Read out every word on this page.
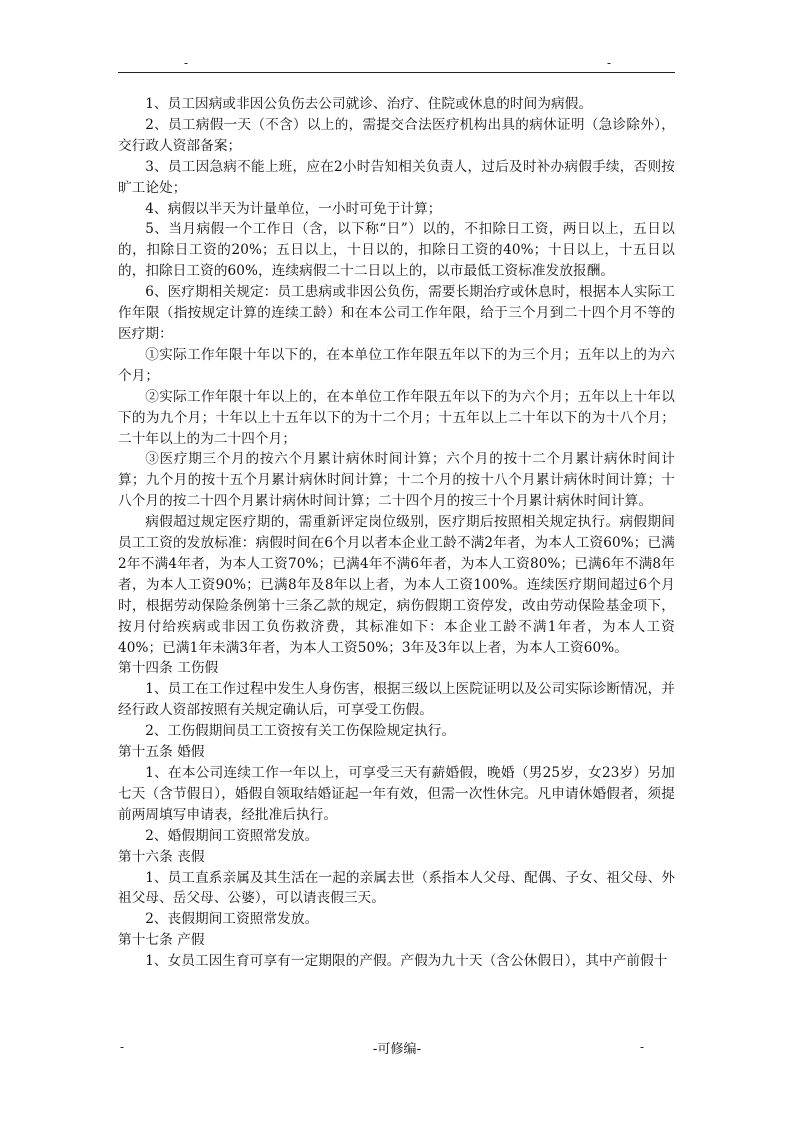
-	-

1、员工因病或非因公负伤去公司就诊、治疗、住院或休息的时间为病假。

2、员工病假一天（不含）以上的，需提交合法医疗机构出具的病休证明（急诊除外），交行政人资部备案；

3、员工因急病不能上班，应在2小时告知相关负责人，过后及时补办病假手续，否则按旷工论处；

4、病假以半天为计量单位，一小时可免于计算；

5、当月病假一个工作日（含，以下称“日”）以的，不扣除日工资，两日以上，五日以的，扣除日工资的20%；五日以上，十日以的，扣除日工资的40%；十日以上，十五日以的，扣除日工资的60%，连续病假二十二日以上的，以市最低工资标准发放报酬。

6、医疗期相关规定：员工患病或非因公负伤，需要长期治疗或休息时，根据本人实际工作年限（指按规定计算的连续工龄）和在本公司工作年限，给于三个月到二十四个月不等的医疗期：

①实际工作年限十年以下的，在本单位工作年限五年以下的为三个月；五年以上的为六个月；

②实际工作年限十年以上的，在本单位工作年限五年以下的为六个月；五年以上十年以下的为九个月；十年以上十五年以下的为十二个月；十五年以上二十年以下的为十八个月；二十年以上的为二十四个月；

③医疗期三个月的按六个月累计病休时间计算；六个月的按十二个月累计病休时间计算；九个月的按十五个月累计病休时间计算；十二个月的按十八个月累计病休时间计算；十八个月的按二十四个月累计病休时间计算；二十四个月的按三十个月累计病休时间计算。

病假超过规定医疗期的，需重新评定岗位级别，医疗期后按照相关规定执行。病假期间员工工资的发放标准：病假时间在6个月以者本企业工龄不满2年者，为本人工资60%；已满2年不满4年者，为本人工资70%；已满4年不满6年者，为本人工资80%；已满6年不满8年者，为本人工资90%；已满8年及8年以上者，为本人工资100%。连续医疗期间超过6个月时，根据劳动保险条例第十三条乙款的规定，病伤假期工资停发，改由劳动保险基金项下，按月付给疾病或非因工负伤救济费，其标准如下：本企业工龄不满1年者，为本人工资40%；已满1年未满3年者，为本人工资50%；3年及3年以上者，为本人工资60%。

第十四条 工伤假

1、员工在工作过程中发生人身伤害，根据三级以上医院证明以及公司实际诊断情况，并经行政人资部按照有关规定确认后，可享受工伤假。

2、工伤假期间员工工资按有关工伤保险规定执行。

第十五条 婚假

1、在本公司连续工作一年以上，可享受三天有薪婚假，晚婚（男25岁，女23岁）另加七天（含节假日），婚假自领取结婚证起一年有效，但需一次性休完。凡申请休婚假者，须提前两周填写申请表，经批准后执行。

2、婚假期间工资照常发放。

第十六条 丧假

1、员工直系亲属及其生活在一起的亲属去世（系指本人父母、配偶、子女、祖父母、外祖父母、岳父母、公婆），可以请丧假三天。

2、丧假期间工资照常发放。

第十七条 产假

1、女员工因生育可享有一定期限的产假。产假为九十天（含公休假日），其中产前假十

-	-可修编-	-
